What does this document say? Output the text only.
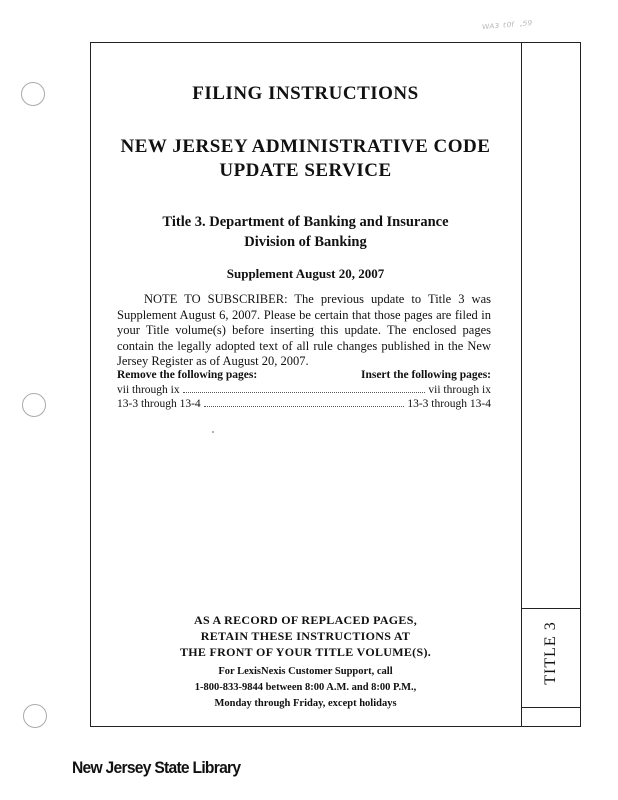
ᵂᴬ³ ᵗ⁰ᶠ ·⁵⁹
TITLE 3
FILING INSTRUCTIONS
NEW JERSEY ADMINISTRATIVE CODE
UPDATE SERVICE
Title 3. Department of Banking and Insurance
Division of Banking
Supplement August 20, 2007
NOTE TO SUBSCRIBER: The previous update to Title 3 was Supplement August 6, 2007. Please be certain that those pages are filed in your Title volume(s) before inserting this update. The enclosed pages contain the legally adopted text of all rule changes published in the New Jersey Register as of August 20, 2007.
Remove the following pages:	Insert the following pages:
vii through ix	vii through ix
13-3 through 13-4	13-3 through 13-4
AS A RECORD OF REPLACED PAGES,
RETAIN THESE INSTRUCTIONS AT
THE FRONT OF YOUR TITLE VOLUME(S).
For LexisNexis Customer Support, call
1-800-833-9844 between 8:00 A.M. and 8:00 P.M.,
Monday through Friday, except holidays
New Jersey State Library
